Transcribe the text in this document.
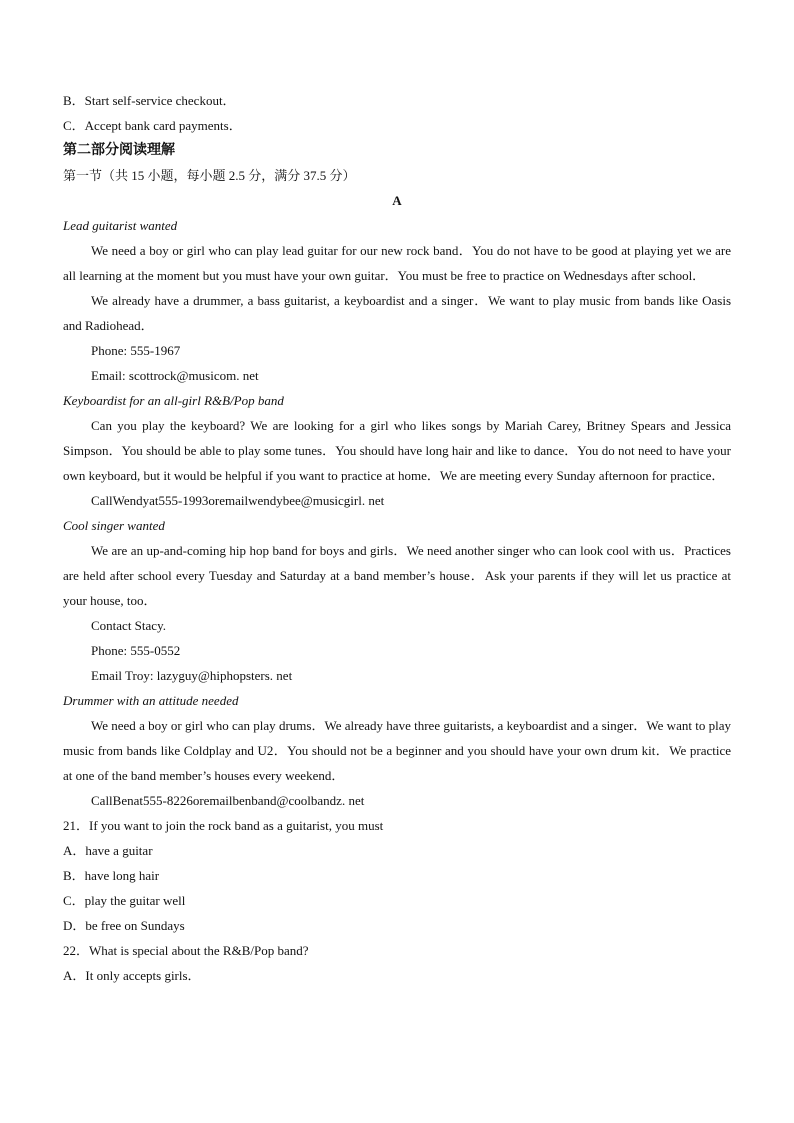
B．Start self-service checkout．
C．Accept bank card payments．
第二部分阅读理解
第一节（共 15 小题，每小题 2.5 分，满分 37.5 分）
A
Lead guitarist wanted
We need a boy or girl who can play lead guitar for our new rock band．You do not have to be good at playing yet we are all learning at the moment but you must have your own guitar．You must be free to practice on Wednesdays after school．
We already have a drummer, a bass guitarist, a keyboardist and a singer．We want to play music from bands like Oasis and Radiohead．
Phone: 555-1967
Email: scottrock@musicom. net
Keyboardist for an all-girl R&B/Pop band
Can you play the keyboard? We are looking for a girl who likes songs by Mariah Carey, Britney Spears and Jessica Simpson．You should be able to play some tunes．You should have long hair and like to dance．You do not need to have your own keyboard, but it would be helpful if you want to practice at home．We are meeting every Sunday afternoon for practice．
CallWendyat555-1993oremailwendybee@musicgirl. net
Cool singer wanted
We are an up-and-coming hip hop band for boys and girls．We need another singer who can look cool with us．Practices are held after school every Tuesday and Saturday at a band member’s house．Ask your parents if they will let us practice at your house, too．
Contact Stacy.
Phone: 555-0552
Email Troy: lazyguy@hiphopsters. net
Drummer with an attitude needed
We need a boy or girl who can play drums．We already have three guitarists, a keyboardist and a singer．We want to play music from bands like Coldplay and U2．You should not be a beginner and you should have your own drum kit．We practice at one of the band member’s houses every weekend．
CallBenat555-8226oremailbenband@coolbandz. net
21．If you want to join the rock band as a guitarist, you must
A．have a guitar
B．have long hair
C．play the guitar well
D．be free on Sundays
22．What is special about the R&B/Pop band?
A．It only accepts girls．
